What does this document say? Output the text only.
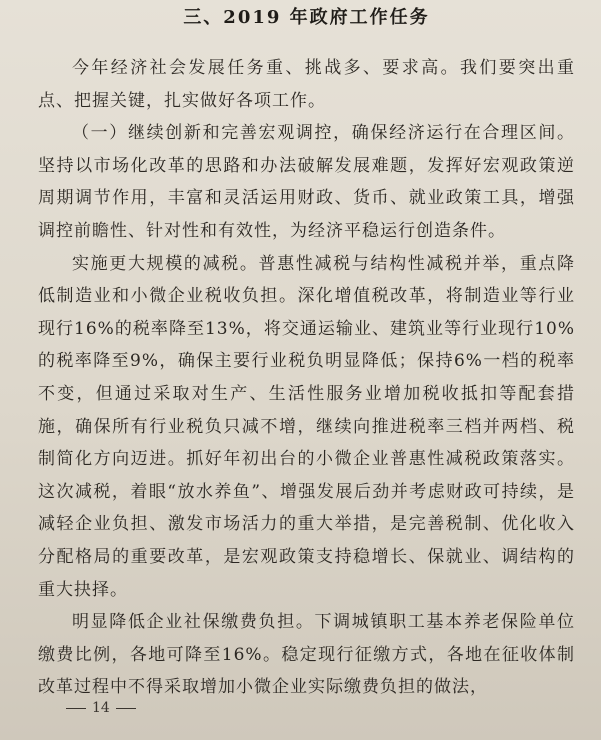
三、2019 年政府工作任务

今年经济社会发展任务重、挑战多、要求高。我们要突出重点、把握关键，扎实做好各项工作。

（一）继续创新和完善宏观调控，确保经济运行在合理区间。坚持以市场化改革的思路和办法破解发展难题，发挥好宏观政策逆周期调节作用，丰富和灵活运用财政、货币、就业政策工具，增强调控前瞻性、针对性和有效性，为经济平稳运行创造条件。

实施更大规模的减税。普惠性减税与结构性减税并举，重点降低制造业和小微企业税收负担。深化增值税改革，将制造业等行业现行16%的税率降至13%，将交通运输业、建筑业等行业现行10%的税率降至9%，确保主要行业税负明显降低；保持6%一档的税率不变，但通过采取对生产、生活性服务业增加税收抵扣等配套措施，确保所有行业税负只减不增，继续向推进税率三档并两档、税制简化方向迈进。抓好年初出台的小微企业普惠性减税政策落实。这次减税，着眼“放水养鱼”、增强发展后劲并考虑财政可持续，是减轻企业负担、激发市场活力的重大举措，是完善税制、优化收入分配格局的重要改革，是宏观政策支持稳增长、保就业、调结构的重大抉择。

明显降低企业社保缴费负担。下调城镇职工基本养老保险单位缴费比例，各地可降至16%。稳定现行征缴方式，各地在征收体制改革过程中不得采取增加小微企业实际缴费负担的做法，

14
